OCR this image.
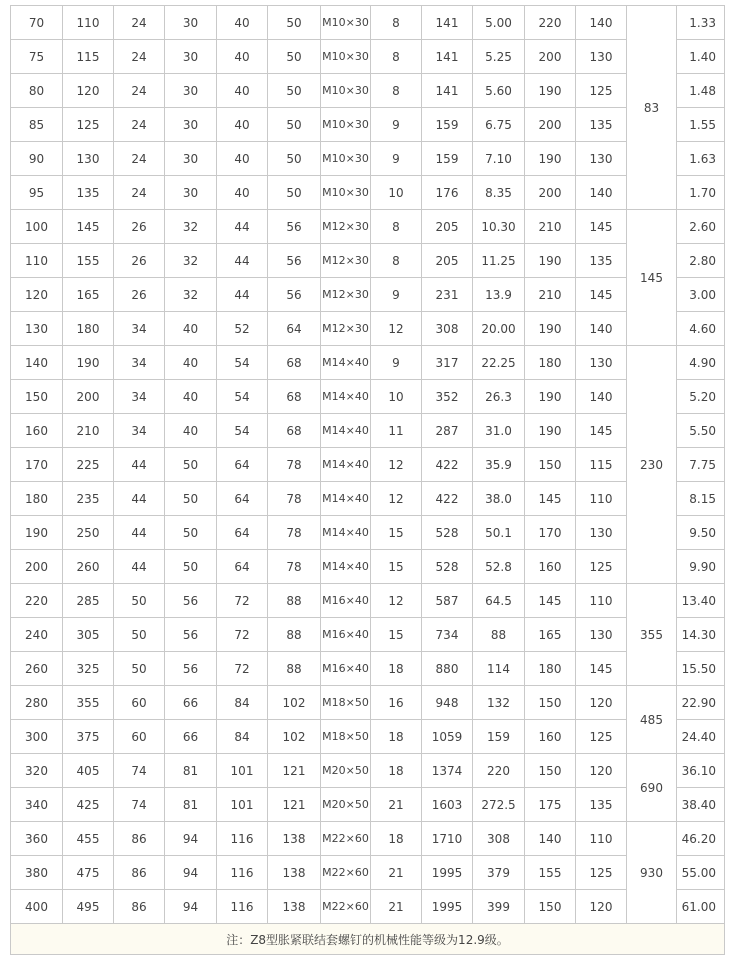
70	110	24	30	40	50	M10×30	8	141	5.00	220	140	83	1.33
75	115	24	30	40	50	M10×30	8	141	5.25	200	130		1.40
80	120	24	30	40	50	M10×30	8	141	5.60	190	125		1.48
85	125	24	30	40	50	M10×30	9	159	6.75	200	135		1.55
90	130	24	30	40	50	M10×30	9	159	7.10	190	130		1.63
95	135	24	30	40	50	M10×30	10	176	8.35	200	140		1.70
100	145	26	32	44	56	M12×30	8	205	10.30	210	145	145	2.60
110	155	26	32	44	56	M12×30	8	205	11.25	190	135		2.80
120	165	26	32	44	56	M12×30	9	231	13.9	210	145		3.00
130	180	34	40	52	64	M12×30	12	308	20.00	190	140		4.60
140	190	34	40	54	68	M14×40	9	317	22.25	180	130	230	4.90
150	200	34	40	54	68	M14×40	10	352	26.3	190	140		5.20
160	210	34	40	54	68	M14×40	11	287	31.0	190	145		5.50
170	225	44	50	64	78	M14×40	12	422	35.9	150	115		7.75
180	235	44	50	64	78	M14×40	12	422	38.0	145	110		8.15
190	250	44	50	64	78	M14×40	15	528	50.1	170	130		9.50
200	260	44	50	64	78	M14×40	15	528	52.8	160	125		9.90
220	285	50	56	72	88	M16×40	12	587	64.5	145	110	355	13.40
240	305	50	56	72	88	M16×40	15	734	88	165	130		14.30
260	325	50	56	72	88	M16×40	18	880	114	180	145		15.50
280	355	60	66	84	102	M18×50	16	948	132	150	120	485	22.90
300	375	60	66	84	102	M18×50	18	1059	159	160	125		24.40
320	405	74	81	101	121	M20×50	18	1374	220	150	120	690	36.10
340	425	74	81	101	121	M20×50	21	1603	272.5	175	135		38.40
360	455	86	94	116	138	M22×60	18	1710	308	140	110	930	46.20
380	475	86	94	116	138	M22×60	21	1995	379	155	125		55.00
400	495	86	94	116	138	M22×60	21	1995	399	150	120		61.00
注：Z8型胀紧联结套螺钉的机械性能等级为12.9级。													
